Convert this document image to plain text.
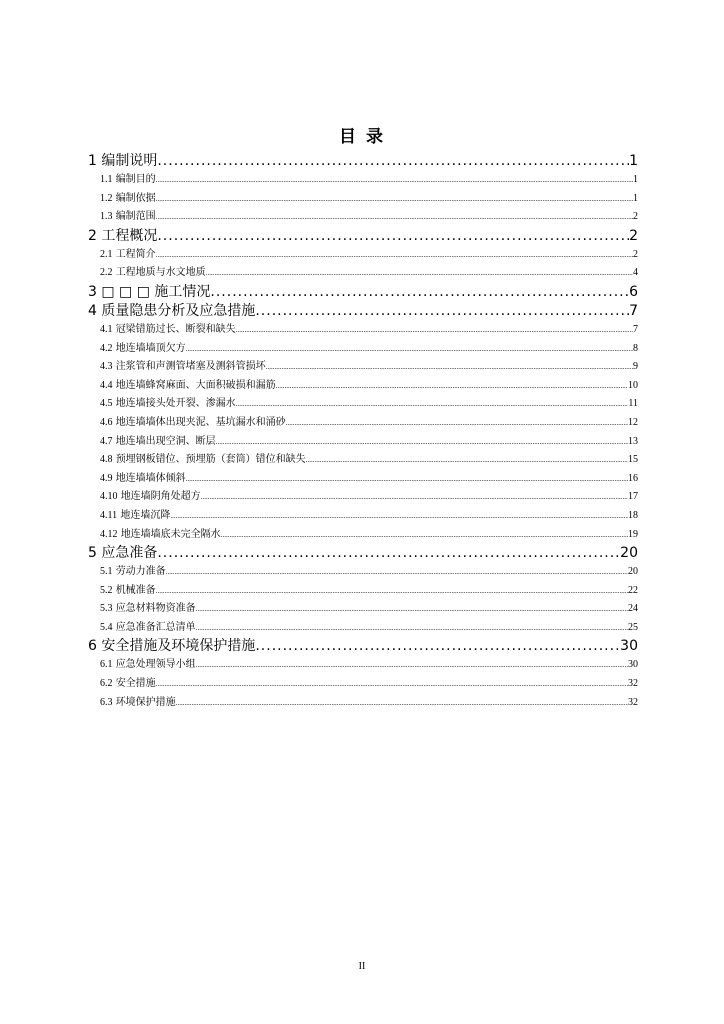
目 录
1 编制说明 .....	1
1.1 编制目的 .....	1
1.2 编制依据 .....	1
1.3 编制范围 .....	2
2 工程概况 .....	2
2.1 工程简介 .....	2
2.2 工程地质与水文地质 .....	4
3 □ □ □ 施工情况 .....	6
4 质量隐患分析及应急措施 .....	7
4.1 冠梁错筋过长、断裂和缺失 .....	7
4.2 地连墙墙顶欠方 .....	8
4.3 注浆管和声测管堵塞及测斜管损坏 .....	9
4.4 地连墙蜂窝麻面、大面积破损和漏筋 .....	10
4.5 地连墙接头处开裂、渗漏水 .....	11
4.6 地连墙墙体出现夹泥、基坑漏水和涌砂 .....	12
4.7 地连墙出现空洞、断层 .....	13
4.8 预埋钢板错位、预埋筋（套筒）错位和缺失 .....	15
4.9 地连墙墙体倾斜 .....	16
4.10 地连墙阴角处超方 .....	17
4.11 地连墙沉降 .....	18
4.12 地连墙墙底未完全隔水 .....	19
5 应急准备 .....	20
5.1 劳动力准备 .....	20
5.2 机械准备 .....	22
5.3 应急材料物资准备 .....	24
5.4 应急准备汇总清单 .....	25
6 安全措施及环境保护措施 .....	30
6.1 应急处理领导小组 .....	30
6.2 安全措施 .....	32
6.3 环境保护措施 .....	32
II
